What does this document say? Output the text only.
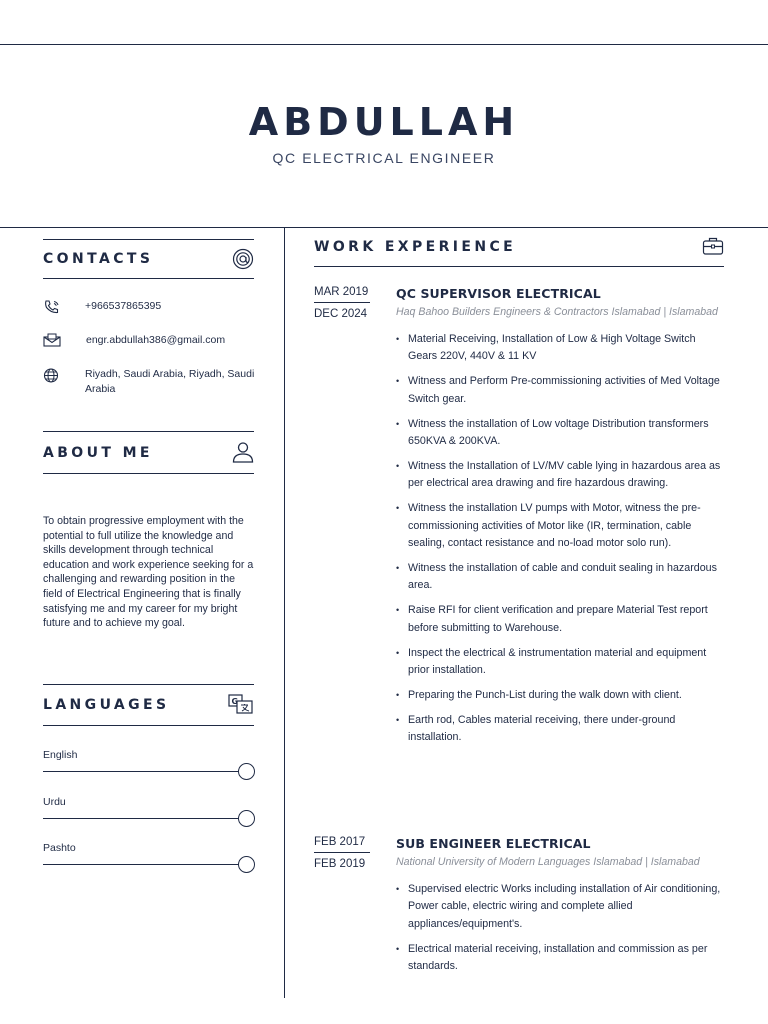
ABDULLAH
QC ELECTRICAL ENGINEER
CONTACTS
+966537865395
engr.abdullah386@gmail.com
Riyadh, Saudi Arabia, Riyadh, Saudi Arabia
ABOUT ME
To obtain progressive employment with the potential to full utilize the knowledge and skills development through technical education and work experience seeking for a challenging and rewarding position in the field of Electrical Engineering that is finally satisfying me and my career for my bright future and to achieve my goal.
LANGUAGES	G
English
Urdu
Pashto
WORK EXPERIENCE
MAR 2019
DEC 2024
QC SUPERVISOR ELECTRICAL
Haq Bahoo Builders Engineers & Contractors Islamabad | Islamabad
• Material Receiving, Installation of Low & High Voltage Switch Gears 220V, 440V & 11 KV
• Witness and Perform Pre-commissioning activities of Med Voltage Switch gear.
• Witness the installation of Low voltage Distribution transformers 650KVA & 200KVA.
• Witness the Installation of LV/MV cable lying in hazardous area as per electrical area drawing and fire hazardous drawing.
• Witness the installation LV pumps with Motor, witness the pre-commissioning activities of Motor like (IR, termination, cable sealing, contact resistance and no-load motor solo run).
• Witness the installation of cable and conduit sealing in hazardous area.
• Raise RFI for client verification and prepare Material Test report before submitting to Warehouse.
• Inspect the electrical & instrumentation material and equipment prior installation.
• Preparing the Punch-List during the walk down with client.
• Earth rod, Cables material receiving, there under-ground installation.
FEB 2017
FEB 2019
SUB ENGINEER ELECTRICAL
National University of Modern Languages Islamabad | Islamabad
• Supervised electric Works including installation of Air conditioning, Power cable, electric wiring and complete allied appliances/equipment's.
• Electrical material receiving, installation and commission as per standards.
